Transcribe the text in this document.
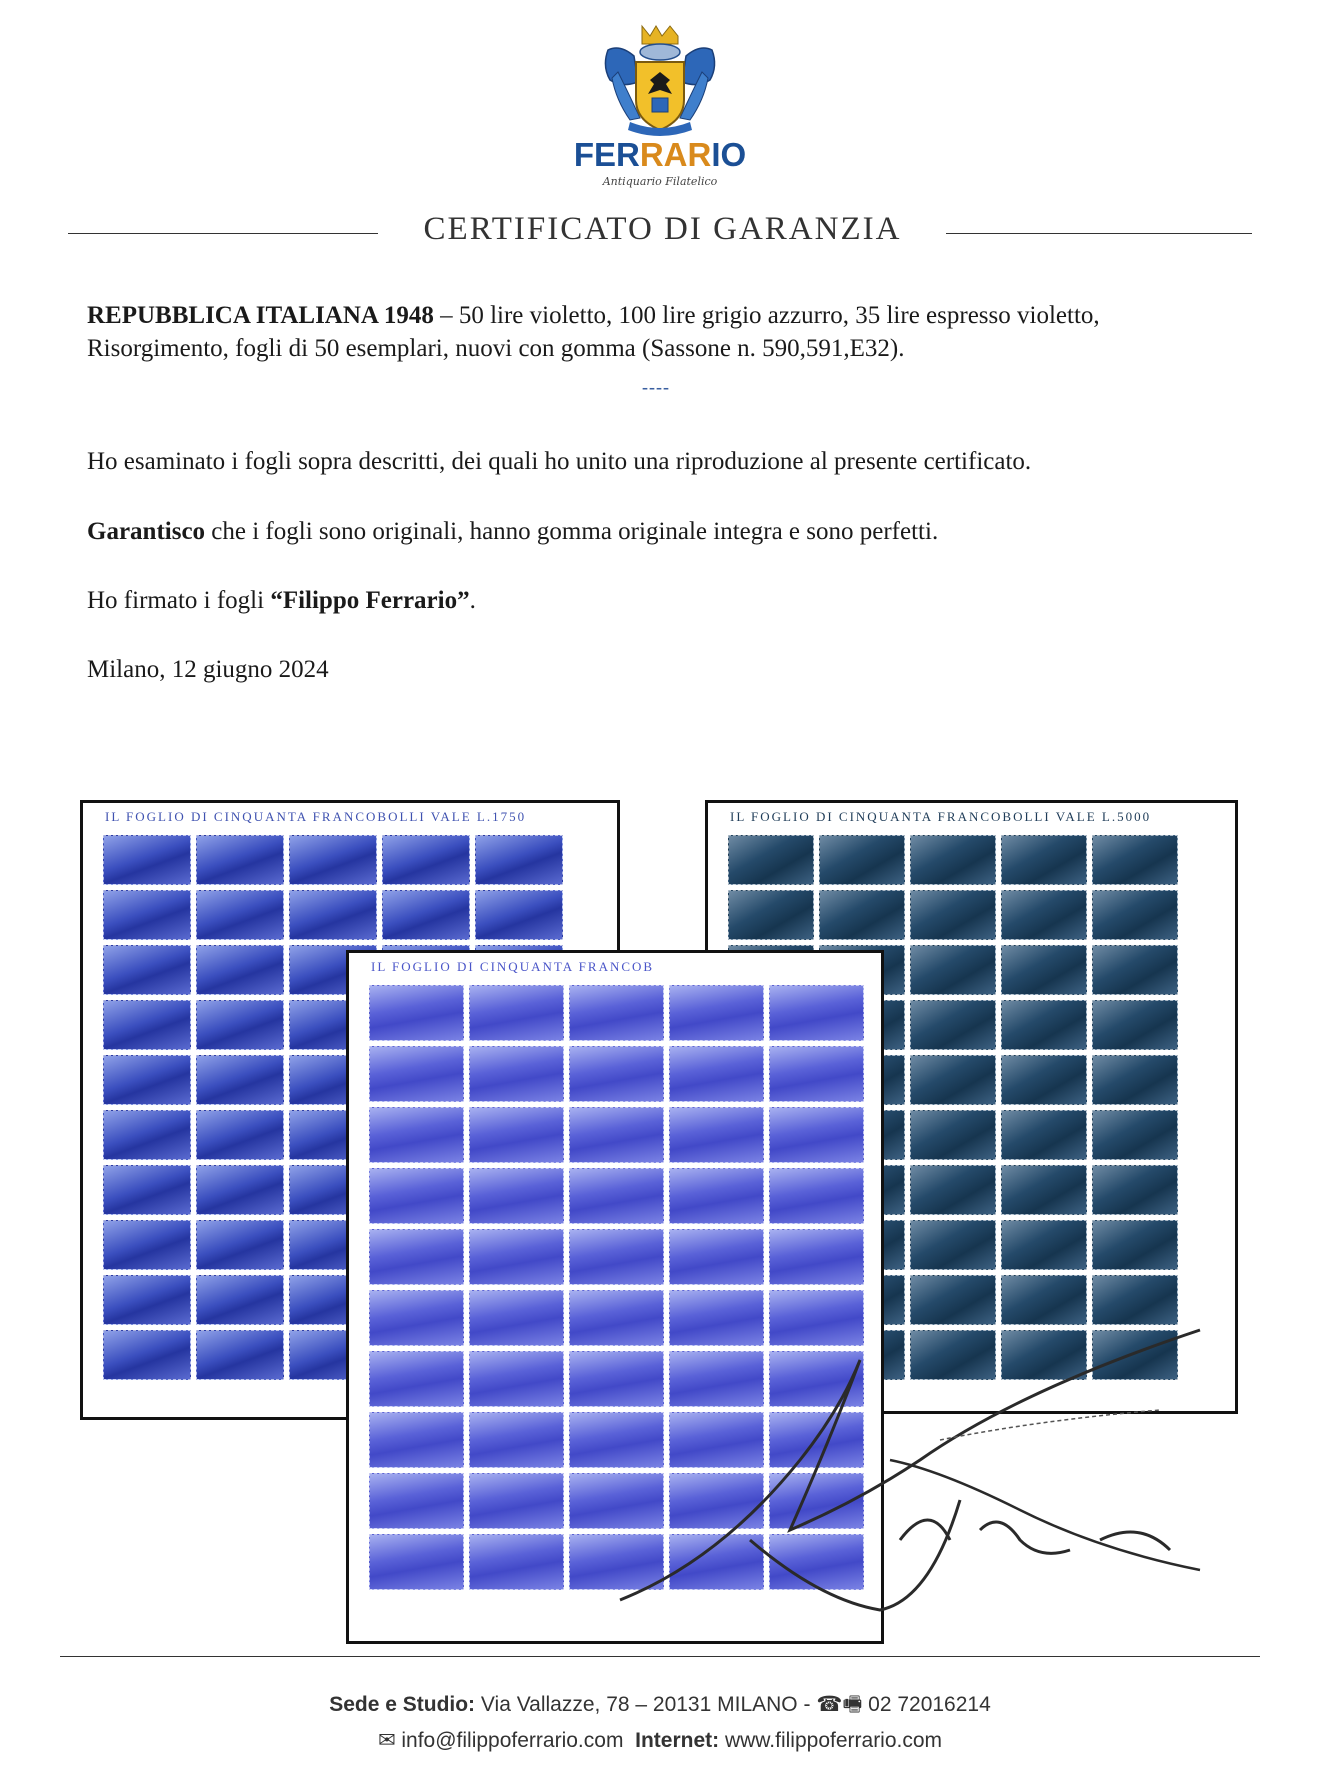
FERRARIO
Antiquario Filatelico
CERTIFICATO DI GARANZIA
REPUBBLICA ITALIANA 1948 – 50 lire violetto, 100 lire grigio azzurro, 35 lire espresso violetto, Risorgimento, fogli di 50 esemplari, nuovi con gomma (Sassone n. 590,591,E32).
----
Ho esaminato i fogli sopra descritti, dei quali ho unito una riproduzione al presente certificato.
Garantisco che i fogli sono originali, hanno gomma originale integra e sono perfetti.
Ho firmato i fogli “Filippo Ferrario”.
Milano, 12 giugno 2024
IL FOGLIO DI CINQUANTA FRANCOBOLLI VALE L.1750	IL FOGLIO DI CINQUANTA FRANCOBOLLI VALE L.5000
IL FOGLIO DI CINQUANTA FRANCOB
Sede e Studio: Via Vallazze, 78 – 20131 MILANO - ☎🖷 02 72016214
✉ info@filippoferrario.com Internet: www.filippoferrario.com
